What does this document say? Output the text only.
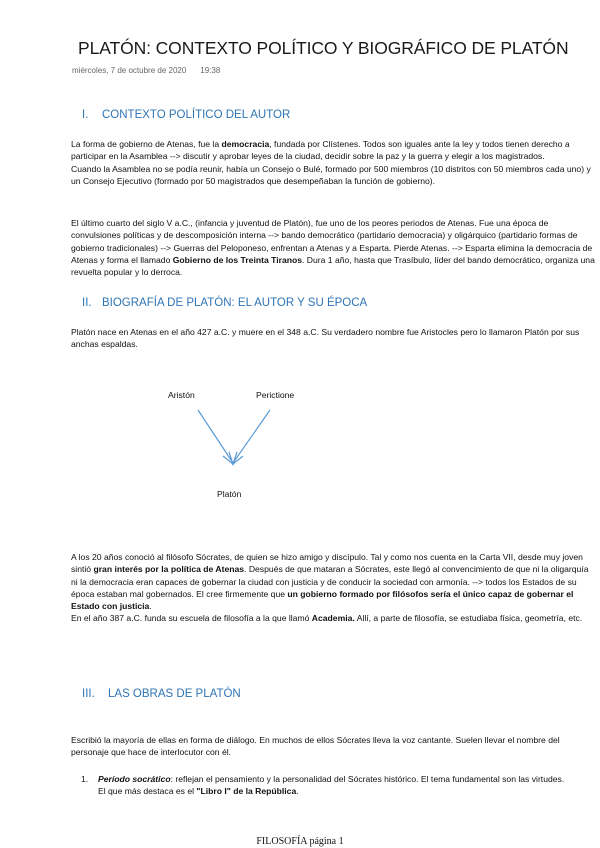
PLATÓN: CONTEXTO POLÍTICO Y BIOGRÁFICO DE PLATÓN
miércoles, 7 de octubre de 2020 19:38
I. CONTEXTO POLÍTICO DEL AUTOR

La forma de gobierno de Atenas, fue la democracia, fundada por Clístenes. Todos son iguales ante la ley y todos tienen derecho a participar en la Asamblea --> discutir y aprobar leyes de la ciudad, decidir sobre la paz y la guerra y elegir a los magistrados.

Cuando la Asamblea no se podía reunir, había un Consejo o Bulé, formado por 500 miembros (10 distritos con 50 miembros cada uno) y un Consejo Ejecutivo (formado por 50 magistrados que desempeñaban la función de gobierno).

El último cuarto del siglo V a.C., (infancia y juventud de Platón), fue uno de los peores periodos de Atenas. Fue una época de convulsiones políticas y de descomposición interna --> bando democrático (partidario democracia) y oligárquico (partidario formas de gobierno tradicionales) --> Guerras del Peloponeso, enfrentan a Atenas y a Esparta. Pierde Atenas. --> Esparta elimina la democracia de Atenas y forma el llamado Gobierno de los Treinta Tiranos. Dura 1 año, hasta que Trasíbulo, líder del bando democrático, organiza una revuelta popular y lo derroca.

II. BIOGRAFÍA DE PLATÓN: EL AUTOR Y SU ÉPOCA

Platón nace en Atenas en el año 427 a.C. y muere en el 348 a.C. Su verdadero nombre fue Aristocles pero lo llamaron Platón por sus anchas espaldas.

Aristón	Perictione
Platón

A los 20 años conoció al filósofo Sócrates, de quien se hizo amigo y discípulo. Tal y como nos cuenta en la Carta VII, desde muy joven sintió gran interés por la política de Atenas. Después de que mataran a Sócrates, este llegó al convencimiento de que ni la oligarquía ni la democracia eran capaces de gobernar la ciudad con justicia y de conducir la sociedad con armonía. --> todos los Estados de su época estaban mal gobernados. El cree firmemente que un gobierno formado por filósofos sería el único capaz de gobernar el Estado con justicia.

En el año 387 a.C. funda su escuela de filosofía a la que llamó Academia. Allí, a parte de filosofía, se estudiaba física, geometría, etc.

III. LAS OBRAS DE PLATÓN

Escribió la mayoría de ellas en forma de diálogo. En muchos de ellos Sócrates lleva la voz cantante. Suelen llevar el nombre del personaje que hace de interlocutor con él.

1. Período socrático: reflejan el pensamiento y la personalidad del Sócrates histórico. El tema fundamental son las virtudes. El que más destaca es el "Libro I" de la República.
FILOSOFÍA página 1
